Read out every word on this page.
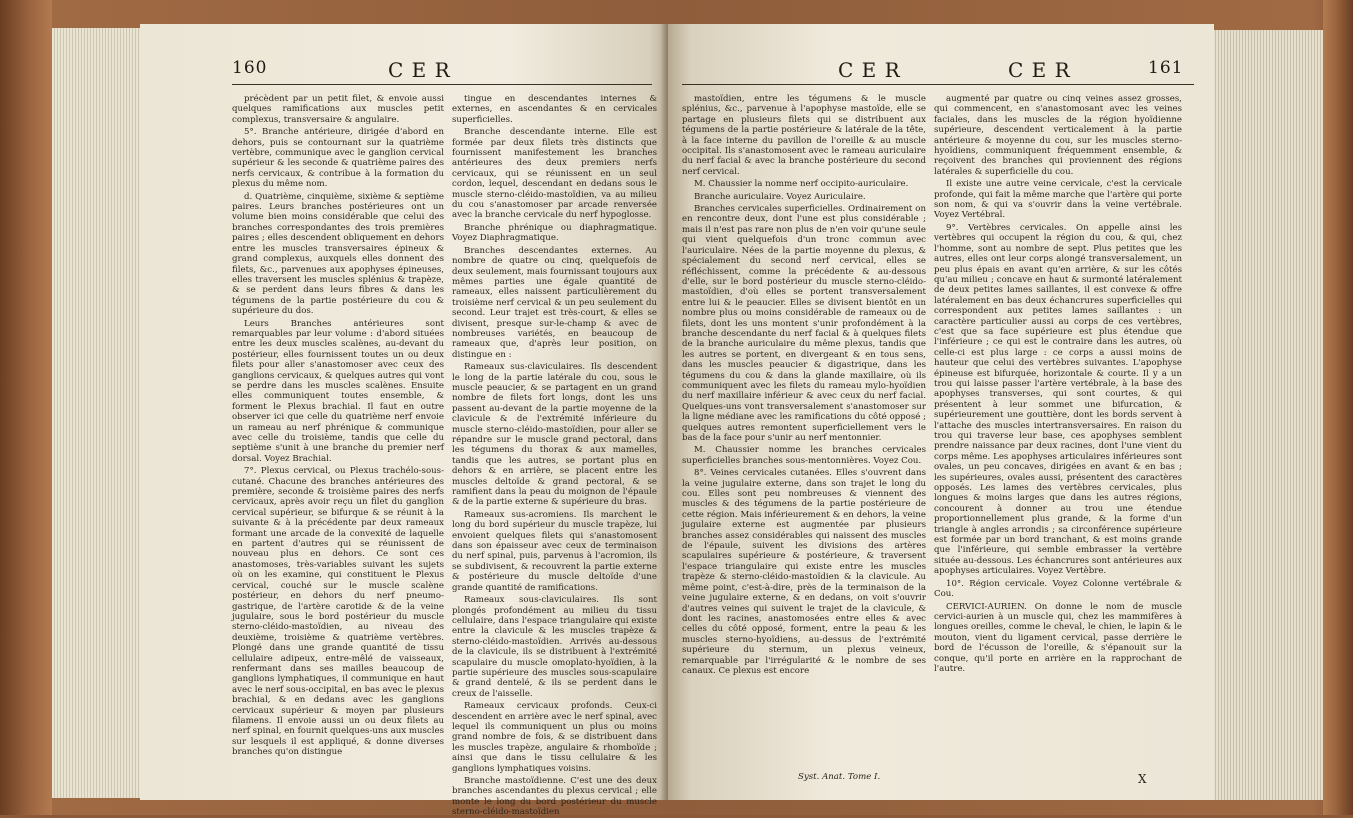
160	C E R

précèdent par un petit filet, & envoie aussi quelques ramifications aux muscles petit complexus, transversaire & angulaire.

5°. Branche antérieure, dirigée d'abord en dehors, puis se contournant sur la quatrième vertèbre, communique avec le ganglion cervical supérieur & les seconde & quatrième paires des nerfs cervicaux, & contribue à la formation du plexus du même nom.

d. Quatrième, cinquième, sixième & septième paires. Leurs branches postérieures ont un volume bien moins considérable que celui des branches correspondantes des trois premières paires ; elles descendent obliquement en dehors entre les muscles transversaires épineux & grand complexus, auxquels elles donnent des filets, &c., parvenues aux apophyses épineuses, elles traversent les muscles splénius & trapèze, & se perdent dans leurs fibres & dans les tégumens de la partie postérieure du cou & supérieure du dos.

Leurs Branches antérieures sont remarquables par leur volume : d'abord situées entre les deux muscles scalènes, au-devant du postérieur, elles fournissent toutes un ou deux filets pour aller s'anastomoser avec ceux des ganglions cervicaux, & quelques autres qui vont se perdre dans les muscles scalènes. Ensuite elles communiquent toutes ensemble, & forment le Plexus brachial. Il faut en outre observer ici que celle du quatrième nerf envoie un rameau au nerf phrénique & communique avec celle du troisième, tandis que celle du septième s'unit à une branche du premier nerf dorsal. Voyez Brachial.

7°. Plexus cervical, ou Plexus trachélo-sous-cutané. Chacune des branches antérieures des première, seconde & troisième paires des nerfs cervicaux, après avoir reçu un filet du ganglion cervical supérieur, se bifurque & se réunit à la suivante & à la précédente par deux rameaux formant une arcade de la convexité de laquelle en partent d'autres qui se réunissent de nouveau plus en dehors. Ce sont ces anastomoses, très-variables suivant les sujets où on les examine, qui constituent le Plexus cervical, couché sur le muscle scalène postérieur, en dehors du nerf pneumo-gastrique, de l'artère carotide & de la veine jugulaire, sous le bord postérieur du muscle sterno-cléido-mastoïdien, au niveau des deuxième, troisième & quatrième vertèbres. Plongé dans une grande quantité de tissu cellulaire adipeux, entre-mêlé de vaisseaux, renfermant dans ses mailles beaucoup de ganglions lymphatiques, il communique en haut avec le nerf sous-occipital, en bas avec le plexus brachial, & en dedans avec les ganglions cervicaux supérieur & moyen par plusieurs filamens. Il envoie aussi un ou deux filets au nerf spinal, en fournit quelques-uns aux muscles sur lesquels il est appliqué, & donne diverses branches qu'on distingue

tingue en descendantes internes & externes, en ascendantes & en cervicales superficielles.

Branche descendante interne. Elle est formée par deux filets très distincts que fournissent manifestement les branches antérieures des deux premiers nerfs cervicaux, qui se réunissent en un seul cordon, lequel, descendant en dedans sous le muscle sterno-cléido-mastoïdien, va au milieu du cou s'anastomoser par arcade renversée avec la branche cervicale du nerf hypoglosse.

Branche phrénique ou diaphragmatique. Voyez Diaphragmatique.

Branches descendantes externes. Au nombre de quatre ou cinq, quelquefois de deux seulement, mais fournissant toujours aux mêmes parties une égale quantité de rameaux, elles naissent particulièrement du troisième nerf cervical & un peu seulement du second. Leur trajet est très-court, & elles se divisent, presque sur-le-champ & avec de nombreuses variétés, en beaucoup de rameaux que, d'après leur position, on distingue en :

Rameaux sus-claviculaires. Ils descendent le long de la partie latérale du cou, sous le muscle peaucier, & se partagent en un grand nombre de filets fort longs, dont les uns passent au-devant de la partie moyenne de la clavicule & de l'extrémité inférieure du muscle sterno-cléido-mastoïdien, pour aller se répandre sur le muscle grand pectoral, dans les tégumens du thorax & aux mamelles, tandis que les autres, se portant plus en dehors & en arrière, se placent entre les muscles deltoïde & grand pectoral, & se ramifient dans la peau du moignon de l'épaule & de la partie externe & supérieure du bras.

Rameaux sus-acromiens. Ils marchent le long du bord supérieur du muscle trapèze, lui envoient quelques filets qui s'anastomosent dans son épaisseur avec ceux de terminaison du nerf spinal, puis, parvenus à l'acromion, ils se subdivisent, & recouvrent la partie externe & postérieure du muscle deltoïde d'une grande quantité de ramifications.

Rameaux sous-claviculaires. Ils sont plongés profondément au milieu du tissu cellulaire, dans l'espace triangulaire qui existe entre la clavicule & les muscles trapèze & sterno-cléido-mastoïdien. Arrivés au-dessous de la clavicule, ils se distribuent à l'extrémité scapulaire du muscle omoplato-hyoïdien, à la partie supérieure des muscles sous-scapulaire & grand dentelé, & ils se perdent dans le creux de l'aisselle.

Rameaux cervicaux profonds. Ceux-ci descendent en arrière avec le nerf spinal, avec lequel ils communiquent un plus ou moins grand nombre de fois, & se distribuent dans les muscles trapèze, angulaire & rhomboïde ; ainsi que dans le tissu cellulaire & les ganglions lymphatiques voisins.

Branche mastoïdienne. C'est une des deux branches ascendantes du plexus cervical ; elle monte le long du bord postérieur du muscle sterno-cléido-mastoïdien

C E R	C E R	161

mastoïdien, entre les tégumens & le muscle splénius, &c., parvenue à l'apophyse mastoïde, elle se partage en plusieurs filets qui se distribuent aux tégumens de la partie postérieure & latérale de la tête, à la face interne du pavillon de l'oreille & au muscle occipital. Ils s'anastomosent avec le rameau auriculaire du nerf facial & avec la branche postérieure du second nerf cervical.

M. Chaussier la nomme nerf occipito-auriculaire.

Branche auriculaire. Voyez Auriculaire.

Branches cervicales superficielles. Ordinairement on en rencontre deux, dont l'une est plus considérable ; mais il n'est pas rare non plus de n'en voir qu'une seule qui vient quelquefois d'un tronc commun avec l'auriculaire. Nées de la partie moyenne du plexus, & spécialement du second nerf cervical, elles se réfléchissent, comme la précédente & au-dessous d'elle, sur le bord postérieur du muscle sterno-cléido-mastoïdien, d'où elles se portent transversalement entre lui & le peaucier. Elles se divisent bientôt en un nombre plus ou moins considérable de rameaux ou de filets, dont les uns montent s'unir profondément à la branche descendante du nerf facial & à quelques filets de la branche auriculaire du même plexus, tandis que les autres se portent, en divergeant & en tous sens, dans les muscles peaucier & digastrique, dans les tégumens du cou & dans la glande maxillaire, où ils communiquent avec les filets du rameau mylo-hyoïdien du nerf maxillaire inférieur & avec ceux du nerf facial. Quelques-uns vont transversalement s'anastomoser sur la ligne médiane avec les ramifications du côté opposé ; quelques autres remontent superficiellement vers le bas de la face pour s'unir au nerf mentonnier.

M. Chaussier nomme les branches cervicales superficielles branches sous-mentonnières. Voyez Cou.

8°. Veines cervicales cutanées. Elles s'ouvrent dans la veine jugulaire externe, dans son trajet le long du cou. Elles sont peu nombreuses & viennent des muscles & des tégumens de la partie postérieure de cette région. Mais inférieurement & en dehors, la veine jugulaire externe est augmentée par plusieurs branches assez considérables qui naissent des muscles de l'épaule, suivent les divisions des artères scapulaires supérieure & postérieure, & traversent l'espace triangulaire qui existe entre les muscles trapèze & sterno-cléido-mastoïdien & la clavicule. Au même point, c'est-à-dire, près de la terminaison de la veine jugulaire externe, & en dedans, on voit s'ouvrir d'autres veines qui suivent le trajet de la clavicule, & dont les racines, anastomosées entre elles & avec celles du côté opposé, forment, entre la peau & les muscles sterno-hyoïdiens, au-dessus de l'extrémité supérieure du sternum, un plexus veineux, remarquable par l'irrégularité & le nombre de ses canaux. Ce plexus est encore

augmenté par quatre ou cinq veines assez grosses, qui commencent, en s'anastomosant avec les veines faciales, dans les muscles de la région hyoïdienne supérieure, descendent verticalement à la partie antérieure & moyenne du cou, sur les muscles sterno-hyoïdiens, communiquent fréquemment ensemble, & reçoivent des branches qui proviennent des régions latérales & superficielle du cou.

Il existe une autre veine cervicale, c'est la cervicale profonde, qui fait la même marche que l'artère qui porte son nom, & qui va s'ouvrir dans la veine vertébrale. Voyez Vertébral.

9°. Vertèbres cervicales. On appelle ainsi les vertèbres qui occupent la région du cou, & qui, chez l'homme, sont au nombre de sept. Plus petites que les autres, elles ont leur corps alongé transversalement, un peu plus épais en avant qu'en arrière, & sur les côtés qu'au milieu ; concave en haut & surmonté latéralement de deux petites lames saillantes, il est convexe & offre latéralement en bas deux échancrures superficielles qui correspondent aux petites lames saillantes : un caractère particulier aussi au corps de ces vertèbres, c'est que sa face supérieure est plus étendue que l'inférieure ; ce qui est le contraire dans les autres, où celle-ci est plus large : ce corps a aussi moins de hauteur que celui des vertèbres suivantes. L'apophyse épineuse est bifurquée, horizontale & courte. Il y a un trou qui laisse passer l'artère vertébrale, à la base des apophyses transverses, qui sont courtes, & qui présentent à leur sommet une bifurcation, & supérieurement une gouttière, dont les bords servent à l'attache des muscles intertransversaires. En raison du trou qui traverse leur base, ces apophyses semblent prendre naissance par deux racines, dont l'une vient du corps même. Les apophyses articulaires inférieures sont ovales, un peu concaves, dirigées en avant & en bas ; les supérieures, ovales aussi, présentent des caractères opposés. Les lames des vertèbres cervicales, plus longues & moins larges que dans les autres régions, concourent à donner au trou une étendue proportionnellement plus grande, & la forme d'un triangle à angles arrondis ; sa circonférence supérieure est formée par un bord tranchant, & est moins grande que l'inférieure, qui semble embrasser la vertèbre située au-dessous. Les échancrures sont antérieures aux apophyses articulaires. Voyez Vertèbre.

10°. Région cervicale. Voyez Colonne vertébrale & Cou.

CERVICI-AURIEN. On donne le nom de muscle cervici-aurien à un muscle qui, chez les mammifères à longues oreilles, comme le cheval, le chien, le lapin & le mouton, vient du ligament cervical, passe derrière le bord de l'écusson de l'oreille, & s'épanouit sur la conque, qu'il porte en arrière en la rapprochant de l'autre.

Syst. Anat. Tome I.	X
